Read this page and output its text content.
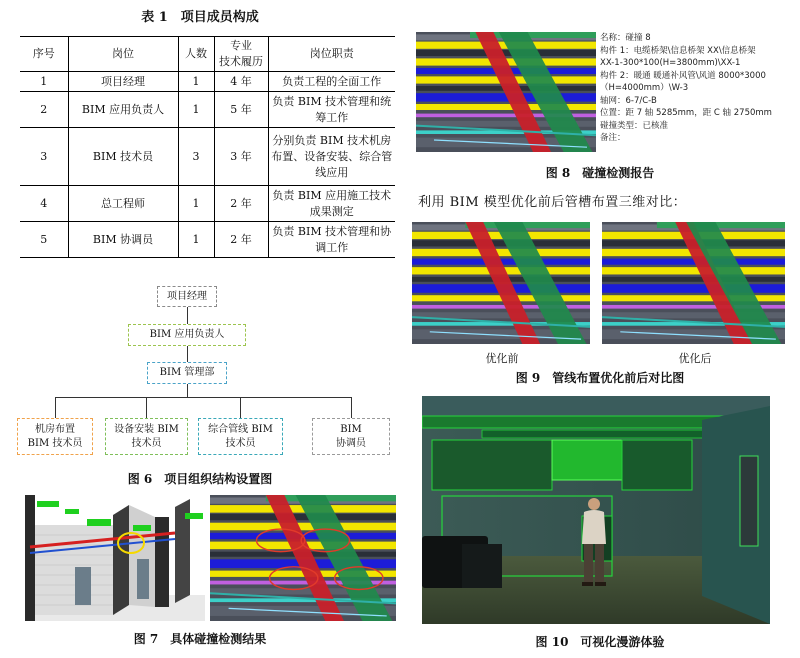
表 1　项目成员构成
序号	岗位	人数	专业
技术履历	岗位职责
1	项目经理	1	4 年	负责工程的全面工作
2	BIM 应用负责人	1	5 年	负责 BIM 技术管理和统筹工作
3	BIM 技术员	3	3 年	分别负责 BIM 技术机房布置、设备安装、综合管线应用
4	总工程师	1	2 年	负责 BIM 应用施工技术成果测定
5	BIM 协调员	1	2 年	负责 BIM 技术管理和协调工作
项目经理
BIM 应用负责人
BIM 管理部
机房布置
BIM 技术员
设备安装 BIM
技术员
综合管线 BIM
技术员
BIM
协调员
图 6　项目组织结构设置图
图 7　具体碰撞检测结果
名称：碰撞 8
构件 1：电缆桥架\信息桥架 XX\信息桥架
XX-1-300*100(H=3800mm)\XX-1
构件 2：暖通 暖通补风管\风道 8000*3000
（H=4000mm）\W-3
轴网：6-7/C-B
位置：距 7 轴 5285mm，距 C 轴 2750mm
碰撞类型：已核准
备注：
图 8　碰撞检测报告
利用 BIM 模型优化前后管槽布置三维对比：
优化前	优化后
图 9　管线布置优化前后对比图
图 10　可视化漫游体验
